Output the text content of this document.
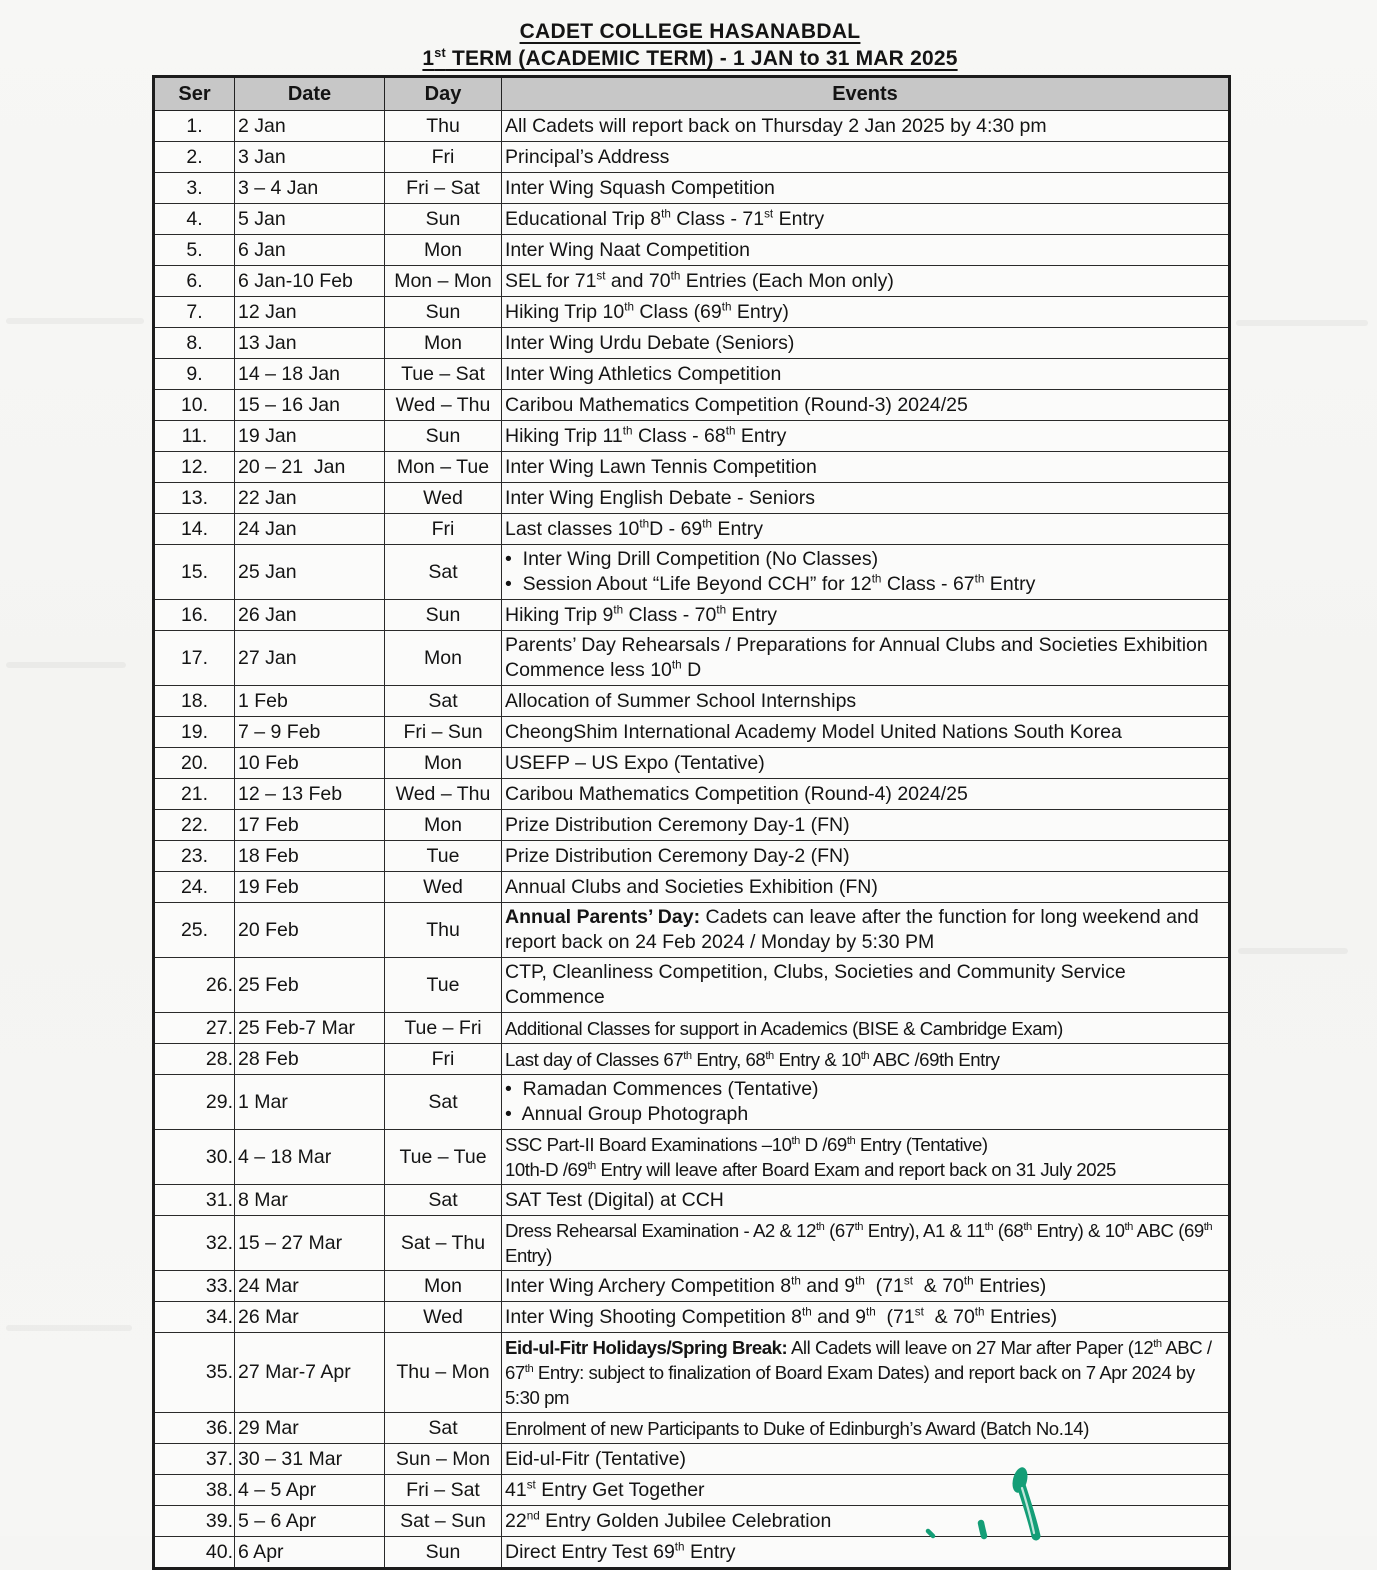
CADET COLLEGE HASANABDAL
1st TERM (ACADEMIC TERM) - 1 JAN to 31 MAR 2025
Ser	Date	Day	Events
1.	2 Jan	Thu	All Cadets will report back on Thursday 2 Jan 2025 by 4:30 pm
2.	3 Jan	Fri	Principal’s Address
3.	3 – 4 Jan	Fri – Sat	Inter Wing Squash Competition
4.	5 Jan	Sun	Educational Trip 8th Class - 71st Entry
5.	6 Jan	Mon	Inter Wing Naat Competition
6.	6 Jan-10 Feb	Mon – Mon	SEL for 71st and 70th Entries (Each Mon only)
7.	12 Jan	Sun	Hiking Trip 10th Class (69th Entry)
8.	13 Jan	Mon	Inter Wing Urdu Debate (Seniors)
9.	14 – 18 Jan	Tue – Sat	Inter Wing Athletics Competition
10.	15 – 16 Jan	Wed – Thu	Caribou Mathematics Competition (Round-3) 2024/25
11.	19 Jan	Sun	Hiking Trip 11th Class - 68th Entry
12.	20 – 21  Jan	Mon – Tue	Inter Wing Lawn Tennis Competition
13.	22 Jan	Wed	Inter Wing English Debate - Seniors
14.	24 Jan	Fri	Last classes 10thD - 69th Entry
15.	25 Jan	Sat	•  Inter Wing Drill Competition (No Classes)
•  Session About “Life Beyond CCH” for 12th Class - 67th Entry
16.	26 Jan	Sun	Hiking Trip 9th Class - 70th Entry
17.	27 Jan	Mon	Parents’ Day Rehearsals / Preparations for Annual Clubs and Societies Exhibition Commence less 10th D
18.	1 Feb	Sat	Allocation of Summer School Internships
19.	7 – 9 Feb	Fri – Sun	CheongShim International Academy Model United Nations South Korea
20.	10 Feb	Mon	USEFP – US Expo (Tentative)
21.	12 – 13 Feb	Wed – Thu	Caribou Mathematics Competition (Round-4) 2024/25
22.	17 Feb	Mon	Prize Distribution Ceremony Day-1 (FN)
23.	18 Feb	Tue	Prize Distribution Ceremony Day-2 (FN)
24.	19 Feb	Wed	Annual Clubs and Societies Exhibition (FN)
25.	20 Feb	Thu	Annual Parents’ Day: Cadets can leave after the function for long weekend and report back on 24 Feb 2024 / Monday by 5:30 PM
26.	25 Feb	Tue	CTP, Cleanliness Competition, Clubs, Societies and Community Service Commence
27.	25 Feb-7 Mar	Tue – Fri	Additional Classes for support in Academics (BISE & Cambridge Exam)
28.	28 Feb	Fri	Last day of Classes 67th Entry, 68th Entry & 10th ABC /69th Entry
29.	1 Mar	Sat	•  Ramadan Commences (Tentative)
•  Annual Group Photograph
30.	4 – 18 Mar	Tue – Tue	SSC Part-II Board Examinations –10th D /69th Entry (Tentative)
10th-D /69th Entry will leave after Board Exam and report back on 31 July 2025
31.	8 Mar	Sat	SAT Test (Digital) at CCH
32.	15 – 27 Mar	Sat – Thu	Dress Rehearsal Examination - A2 & 12th (67th Entry), A1 & 11th (68th Entry) & 10th ABC (69th Entry)
33.	24 Mar	Mon	Inter Wing Archery Competition 8th and 9th  (71st  & 70th Entries)
34.	26 Mar	Wed	Inter Wing Shooting Competition 8th and 9th  (71st  & 70th Entries)
35.	27 Mar-7 Apr	Thu – Mon	Eid-ul-Fitr Holidays/Spring Break: All Cadets will leave on 27 Mar after Paper (12th ABC / 67th Entry: subject to finalization of Board Exam Dates) and report back on 7 Apr 2024 by 5:30 pm
36.	29 Mar	Sat	Enrolment of new Participants to Duke of Edinburgh’s Award (Batch No.14)
37.	30 – 31 Mar	Sun – Mon	Eid-ul-Fitr (Tentative)
38.	4 – 5 Apr	Fri – Sat	41st Entry Get Together
39.	5 – 6 Apr	Sat – Sun	22nd Entry Golden Jubilee Celebration
40.	6 Apr	Sun	Direct Entry Test 69th Entry
